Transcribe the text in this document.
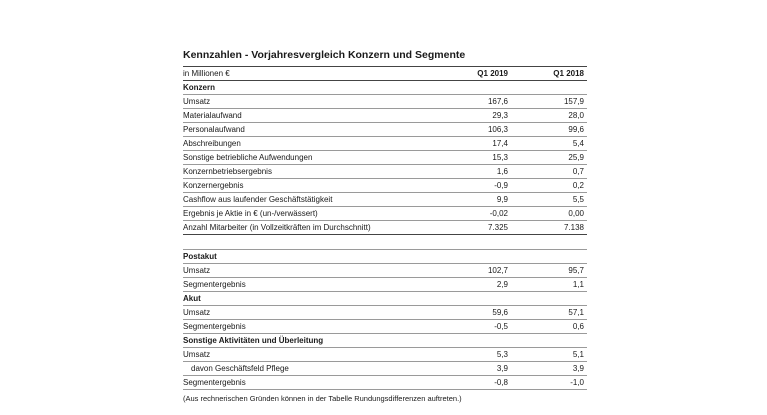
Kennzahlen - Vorjahresvergleich Konzern und Segmente
in Millionen €	Q1 2019	Q1 2018
Konzern
Umsatz	167,6	157,9
Materialaufwand	29,3	28,0
Personalaufwand	106,3	99,6
Abschreibungen	17,4	5,4
Sonstige betriebliche Aufwendungen	15,3	25,9
Konzernbetriebsergebnis	1,6	0,7
Konzernergebnis	-0,9	0,2
Cashflow aus laufender Geschäftstätigkeit	9,9	5,5
Ergebnis je Aktie in € (un-/verwässert)	-0,02	0,00
Anzahl Mitarbeiter (in Vollzeitkräften im Durchschnitt)	7.325	7.138
Postakut
Umsatz	102,7	95,7
Segmentergebnis	2,9	1,1
Akut
Umsatz	59,6	57,1
Segmentergebnis	-0,5	0,6
Sonstige Aktivitäten und Überleitung
Umsatz	5,3	5,1
davon Geschäftsfeld Pflege	3,9	3,9
Segmentergebnis	-0,8	-1,0
(Aus rechnerischen Gründen können in der Tabelle Rundungsdifferenzen auftreten.)
